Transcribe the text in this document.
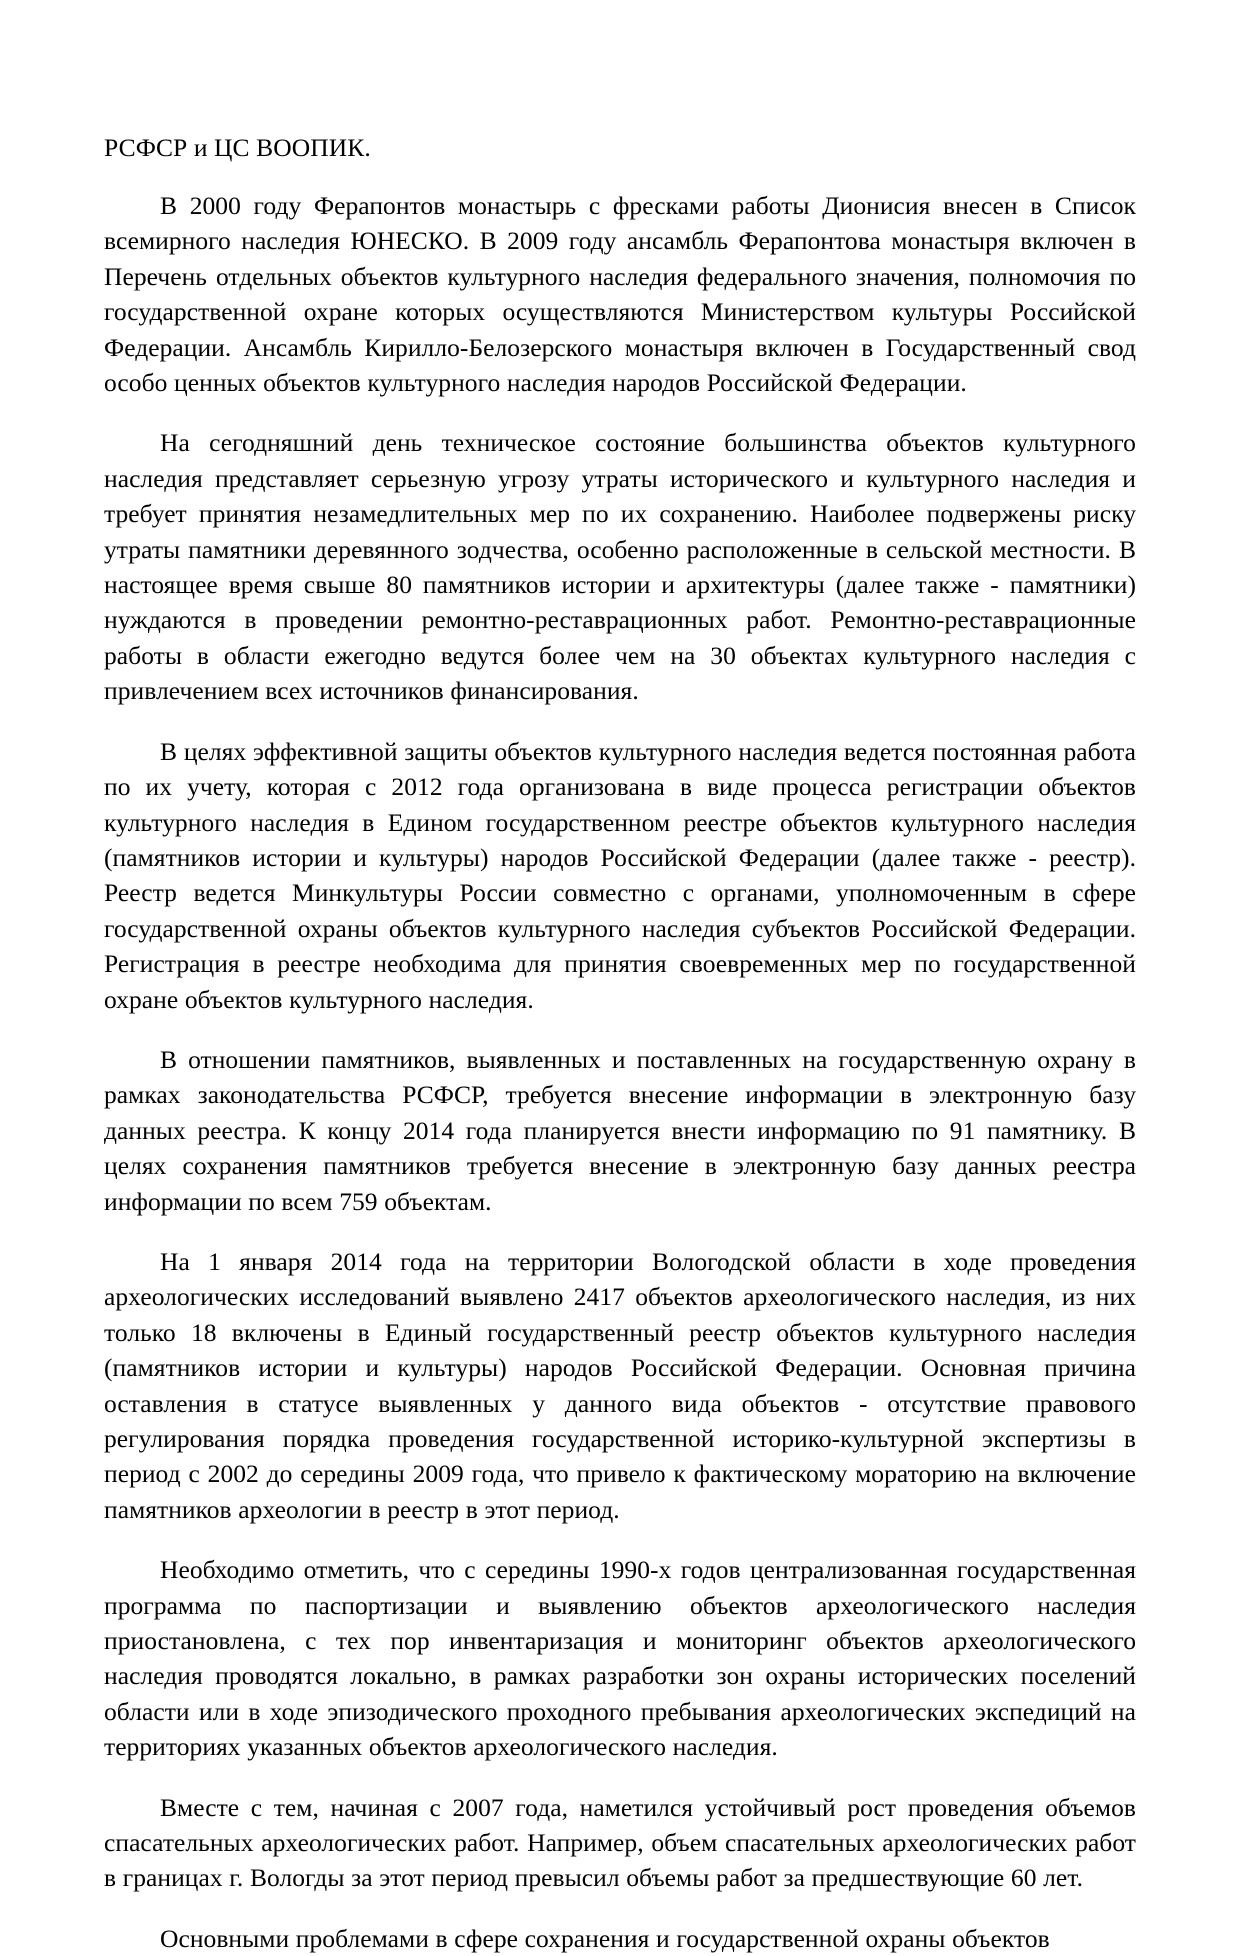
РСФСР и ЦС ВООПИК.

В 2000 году Ферапонтов монастырь с фресками работы Дионисия внесен в Список всемирного наследия ЮНЕСКО. В 2009 году ансамбль Ферапонтова монастыря включен в Перечень отдельных объектов культурного наследия федерального значения, полномочия по государственной охране которых осуществляются Министерством культуры Российской Федерации. Ансамбль Кирилло-Белозерского монастыря включен в Государственный свод особо ценных объектов культурного наследия народов Российской Федерации.

На сегодняшний день техническое состояние большинства объектов культурного наследия представляет серьезную угрозу утраты исторического и культурного наследия и требует принятия незамедлительных мер по их сохранению. Наиболее подвержены риску утраты памятники деревянного зодчества, особенно расположенные в сельской местности. В настоящее время свыше 80 памятников истории и архитектуры (далее также - памятники) нуждаются в проведении ремонтно-реставрационных работ. Ремонтно-реставрационные работы в области ежегодно ведутся более чем на 30 объектах культурного наследия с привлечением всех источников финансирования.

В целях эффективной защиты объектов культурного наследия ведется постоянная работа по их учету, которая с 2012 года организована в виде процесса регистрации объектов культурного наследия в Едином государственном реестре объектов культурного наследия (памятников истории и культуры) народов Российской Федерации (далее также - реестр). Реестр ведется Минкультуры России совместно с органами, уполномоченным в сфере государственной охраны объектов культурного наследия субъектов Российской Федерации. Регистрация в реестре необходима для принятия своевременных мер по государственной охране объектов культурного наследия.

В отношении памятников, выявленных и поставленных на государственную охрану в рамках законодательства РСФСР, требуется внесение информации в электронную базу данных реестра. К концу 2014 года планируется внести информацию по 91 памятнику. В целях сохранения памятников требуется внесение в электронную базу данных реестра информации по всем 759 объектам.

На 1 января 2014 года на территории Вологодской области в ходе проведения археологических исследований выявлено 2417 объектов археологического наследия, из них только 18 включены в Единый государственный реестр объектов культурного наследия (памятников истории и культуры) народов Российской Федерации. Основная причина оставления в статусе выявленных у данного вида объектов - отсутствие правового регулирования порядка проведения государственной историко-культурной экспертизы в период с 2002 до середины 2009 года, что привело к фактическому мораторию на включение памятников археологии в реестр в этот период.

Необходимо отметить, что с середины 1990-х годов централизованная государственная программа по паспортизации и выявлению объектов археологического наследия приостановлена, с тех пор инвентаризация и мониторинг объектов археологического наследия проводятся локально, в рамках разработки зон охраны исторических поселений области или в ходе эпизодического проходного пребывания археологических экспедиций на территориях указанных объектов археологического наследия.

Вместе с тем, начиная с 2007 года, наметился устойчивый рост проведения объемов спасательных археологических работ. Например, объем спасательных археологических работ в границах г. Вологды за этот период превысил объемы работ за предшествующие 60 лет.

Основными проблемами в сфере сохранения и государственной охраны объектов
